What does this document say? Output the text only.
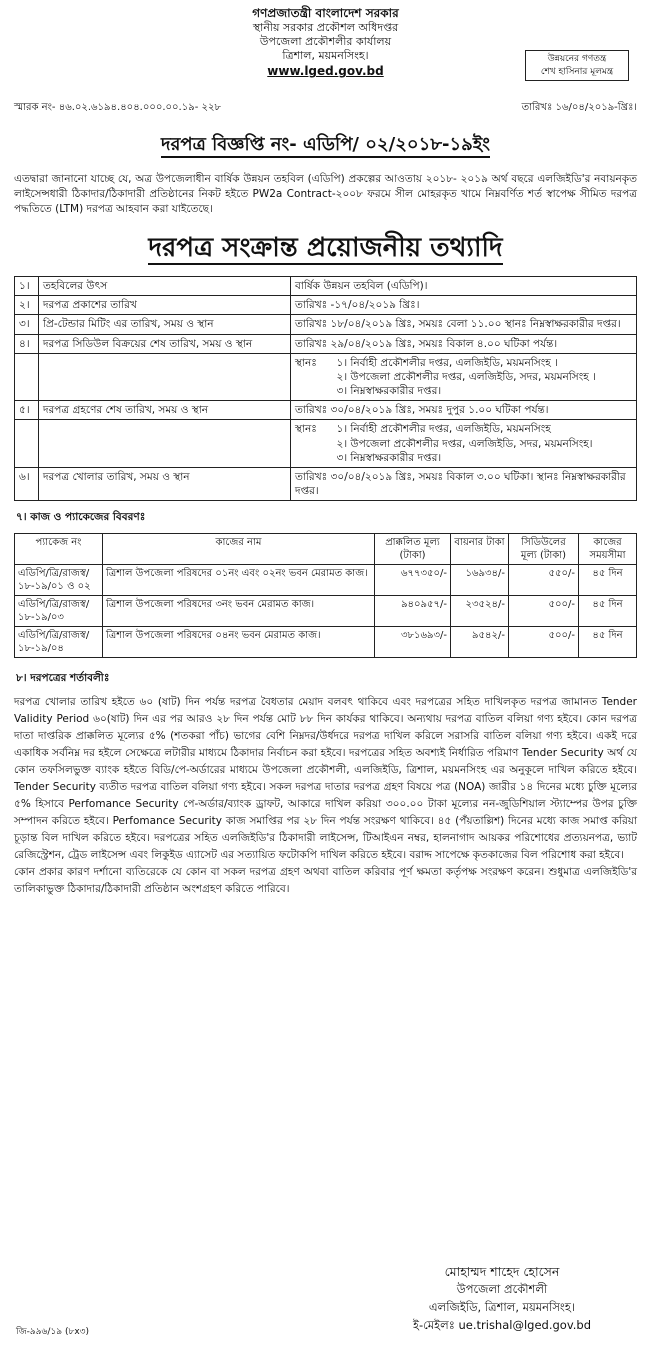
গণপ্রজাতন্ত্রী বাংলাদেশ সরকার
স্থানীয় সরকার প্রকৌশল অধিদপ্তর
উপজেলা প্রকৌশলীর কার্যালয়
ত্রিশাল, ময়মনসিংহ।
www.lged.gov.bd
উন্নয়নের গণতন্ত্র
শেখ হাসিনার মূলমন্ত্র
স্মারক নং- ৪৬.০২.৬১৯৪.৪০৪.০০০.০০.১৯- ২২৮	তারিখঃ ১৬/০৪/২০১৯-খ্রিঃ।
দরপত্র বিজ্ঞপ্তি নং- এডিপি/ ০২/২০১৮-১৯ইং
এতদ্বারা জানানো যাচ্ছে যে, অত্র উপজেলাধীন বার্ষিক উন্নয়ন তহবিল (এডিপি) প্রকল্পের আওতায় ২০১৮- ২০১৯ অর্থ বছরে এলজিইডি'র নবায়নকৃত লাইসেন্সধারী ঠিকাদার/ঠিকাদারী প্রতিষ্ঠানের নিকট হইতে PW2a Contract-২০০৮ ফরমে সীল মোহরকৃত খামে নিম্নবর্ণিত শর্ত স্বাপেক্ষ সীমিত দরপত্র পদ্ধতিতে (LTM) দরপত্র আহবান করা যাইতেছে।
দরপত্র সংক্রান্ত প্রয়োজনীয় তথ্যাদি
১।	তহবিলের উৎস	বার্ষিক উন্নয়ন তহবিল (এডিপি)।	
২।	দরপত্র প্রকাশের তারিখ	তারিখঃ -১৭/০৪/২০১৯ খ্রিঃ।	
৩।	প্রি-টেন্ডার মিটিং এর তারিখ, সময় ও স্থান	তারিখঃ ১৮/০৪/২০১৯ খ্রিঃ, সময়ঃ বেলা ১১.০০ স্থানঃ নিম্নস্বাক্ষরকারীর দপ্তর।	
৪।	দরপত্র সিডিউল বিক্রয়ের শেষ তারিখ, সময় ও স্থান	তারিখঃ ২৯/০৪/২০১৯ খ্রিঃ, সময়ঃ বিকাল ৪.০০ ঘটিকা পর্যন্ত।	
		স্থানঃ	১। নির্বাহী প্রকৌশলীর দপ্তর, এলজিইডি, ময়মনসিংহ ।
২। উপজেলা প্রকৌশলীর দপ্তর, এলজিইডি, সদর, ময়মনসিংহ ।
৩। নিম্নস্বাক্ষরকারীর দপ্তর।

৫।	দরপত্র গ্রহণের শেষ তারিখ, সময় ও স্থান	তারিখঃ ৩০/০৪/২০১৯ খ্রিঃ, সময়ঃ দুপুর ১.০০ ঘটিকা পর্যন্ত।	
		স্থানঃ	১। নির্বাহী প্রকৌশলীর দপ্তর, এলজিইডি, ময়মনসিংহ
২। উপজেলা প্রকৌশলীর দপ্তর, এলজিইডি, সদর, ময়মনসিংহ।
৩। নিম্নস্বাক্ষরকারীর দপ্তর।

৬।	দরপত্র খোলার তারিখ, সময় ও স্থান	তারিখঃ ৩০/০৪/২০১৯ খ্রিঃ, সময়ঃ বিকাল ৩.০০ ঘটিকা। স্থানঃ নিম্নস্বাক্ষরকারীর দপ্তর।	
৭। কাজ ও প্যাকেজের বিবরণঃ
প্যাকেজ নং	কাজের নাম	প্রাক্কলিত মূল্য (টাকা)	বায়নার টাকা	সিডিউলের মূল্য (টাকা)	কাজের সময়সীমা
এডিপি/ত্রি/রাজস্ব/ ১৮-১৯/০১ ও ০২	ত্রিশাল উপজেলা পরিষদের ০১নং এবং ০২নং ভবন মেরামত কাজ।	৬৭৭৩৫০/-	১৬৯৩৪/-	৫৫০/-	৪৫ দিন
এডিপি/ত্রি/রাজস্ব/ ১৮-১৯/০৩	ত্রিশাল উপজেলা পরিষদের ৩নং ভবন মেরামত কাজ।	৯৪০৯৫৭/-	২৩৫২৪/-	৫০০/-	৪৫ দিন
এডিপি/ত্রি/রাজস্ব/ ১৮-১৯/০৪	ত্রিশাল উপজেলা পরিষদের ০৪নং ভবন মেরামত কাজ।	৩৮১৬৯৩/-	৯৫৪২/-	৫০০/-	৪৫ দিন
৮। দরপত্রের শর্তাবলীঃ

দরপত্র খোলার তারিখ হইতে ৬০ (ষাট) দিন পর্যন্ত দরপত্র বৈধতার মেয়াদ বলবৎ থাকিবে এবং দরপত্রের সহিত দাখিলকৃত দরপত্র জামানত Tender Validity Period ৬০(ষাট) দিন এর পর আরও ২৮ দিন পর্যন্ত মোট ৮৮ দিন কার্যকর থাকিবে। অন্যথায় দরপত্র বাতিল বলিয়া গণ্য হইবে। কোন দরপত্র দাতা দাপ্তরিক প্রাক্কলিত মূল্যের ৫% (শতকরা পাঁচ) ভাগের বেশি নিম্নদর/উর্ধদরে দরপত্র দাখিল করিলে সরাসরি বাতিল বলিয়া গণ্য হইবে। একই দরে একাধিক সর্বনিম্ন দর হইলে সেক্ষেত্রে লটারীর মাধ্যমে ঠিকাদার নির্বাচন করা হইবে। দরপত্রের সহিত অবশ্যই নির্ধারিত পরিমাণ Tender Security অর্থ যে কোন তফসিলভুক্ত ব্যাংক হইতে বিডি/পে-অর্ডারের মাধ্যমে উপজেলা প্রকৌশলী, এলজিইডি, ত্রিশাল, ময়মনসিংহ এর অনুকূলে দাখিল করিতে হইবে। Tender Security ব্যতীত দরপত্র বাতিল বলিয়া গণ্য হইবে। সকল দরপত্র দাতার দরপত্র গ্রহণ বিষয়ে পত্র (NOA) জারীর ১৪ দিনের মধ্যে চুক্তি মূল্যের ৫% হিসাবে Perfomance Security পে-অর্ডার/ব্যাংক ড্রাফট, আকারে দাখিল করিয়া ৩০০.০০ টাকা মূল্যের নন-জুডিশিয়াল স্ট্যাম্পের উপর চুক্তি সম্পাদন করিতে হইবে। Perfomance Security কাজ সমাপ্তির পর ২৮ দিন পর্যন্ত সংরক্ষণ থাকিবে। ৪৫ (পঁয়তাল্লিশ) দিনের মধ্যে কাজ সমাপ্ত করিয়া চূড়ান্ত বিল দাখিল করিতে হইবে। দরপত্রের সহিত এলজিইডি'র ঠিকাদারী লাইসেন্স, টিআইএন নম্বর, হালনাগাদ আয়কর পরিশোধের প্রত্যয়নপত্র, ভ্যাট রেজিস্ট্রেশন, ট্রেড লাইসেন্স এবং লিকুইড এ্যাসেট এর সত্যায়িত ফটোকপি দাখিল করিতে হইবে। বরাদ্দ সাপেক্ষে কৃতকাজের বিল পরিশোধ করা হইবে।

কোন প্রকার কারণ দর্শানো ব্যতিরেকে যে কোন বা সকল দরপত্র গ্রহণ অথবা বাতিল করিবার পূর্ণ ক্ষমতা কর্তৃপক্ষ সংরক্ষণ করেন। শুধুমাত্র এলজিইডি'র তালিকাভুক্ত ঠিকাদার/ঠিকাদারী প্রতিষ্ঠান অংশগ্রহণ করিতে পারিবে।

মোহাম্মদ শাহেদ হোসেন
উপজেলা প্রকৌশলী
এলজিইডি, ত্রিশাল, ময়মনসিংহ।
ই-মেইলঃ ue.trishal@lged.gov.bd
জি-৯৯৬/১৯ (৮x৩)
